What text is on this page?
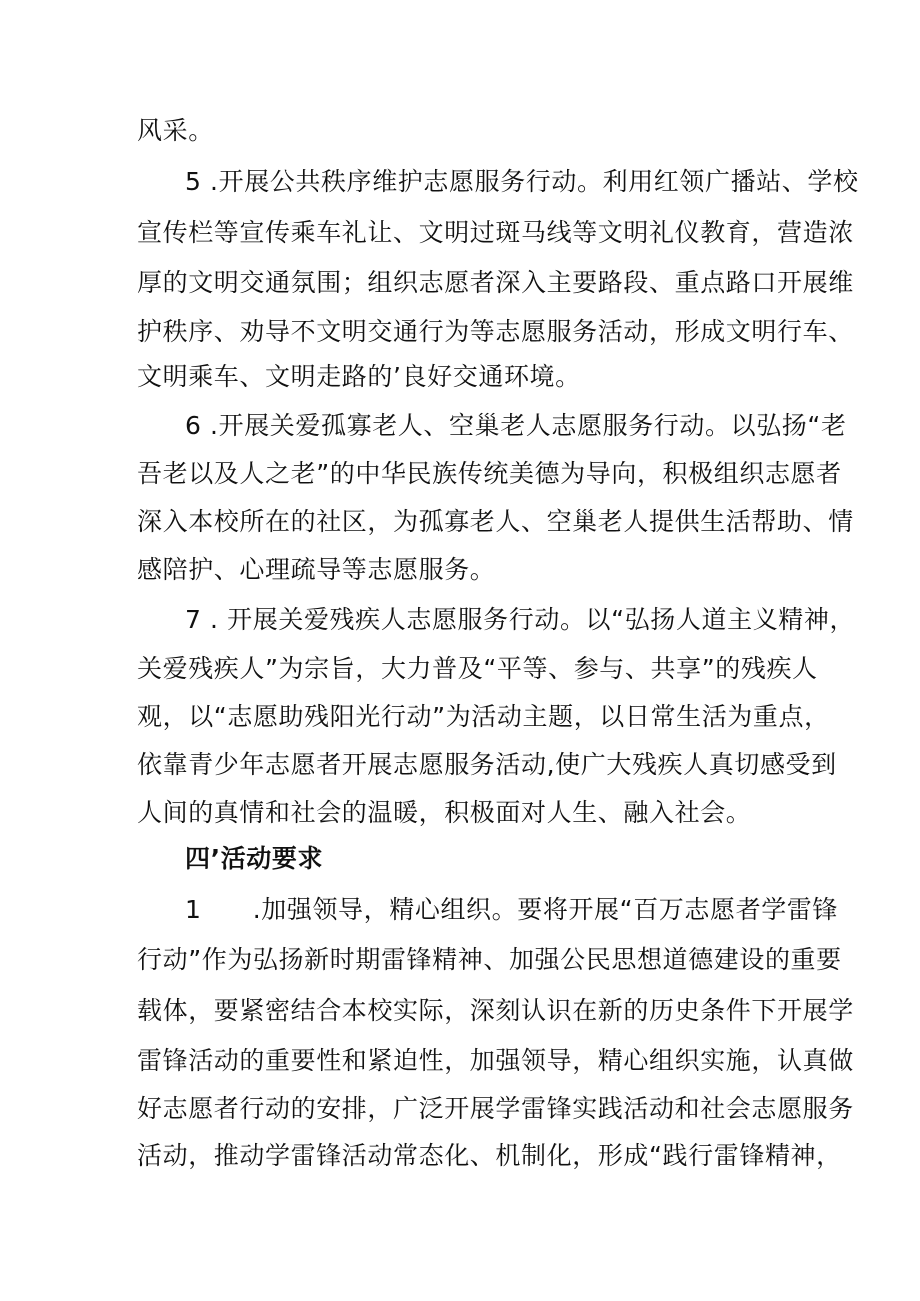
风采。
5 .开展公共秩序维护志愿服务行动。利用红领广播站、学校
宣传栏等宣传乘车礼让、文明过斑马线等文明礼仪教育，营造浓
厚的文明交通氛围；组织志愿者深入主要路段、重点路口开展维
护秩序、劝导不文明交通行为等志愿服务活动，形成文明行车、
文明乘车、文明走路的’良好交通环境。
6 .开展关爱孤寡老人、空巢老人志愿服务行动。以弘扬“老
吾老以及人之老”的中华民族传统美德为导向，积极组织志愿者
深入本校所在的社区，为孤寡老人、空巢老人提供生活帮助、情
感陪护、心理疏导等志愿服务。
7 . 开展关爱残疾人志愿服务行动。以“弘扬人道主义精神，
关爱残疾人”为宗旨，大力普及“平等、参与、共享”的残疾人
观，以“志愿助残阳光行动”为活动主题，以日常生活为重点，
依靠青少年志愿者开展志愿服务活动,使广大残疾人真切感受到
人间的真情和社会的温暖，积极面对人生、融入社会。
四’活动要求
1　　.加强领导，精心组织。要将开展“百万志愿者学雷锋
行动”作为弘扬新时期雷锋精神、加强公民思想道德建设的重要
载体，要紧密结合本校实际，深刻认识在新的历史条件下开展学
雷锋活动的重要性和紧迫性，加强领导，精心组织实施，认真做
好志愿者行动的安排，广泛开展学雷锋实践活动和社会志愿服务
活动，推动学雷锋活动常态化、机制化，形成“践行雷锋精神，
